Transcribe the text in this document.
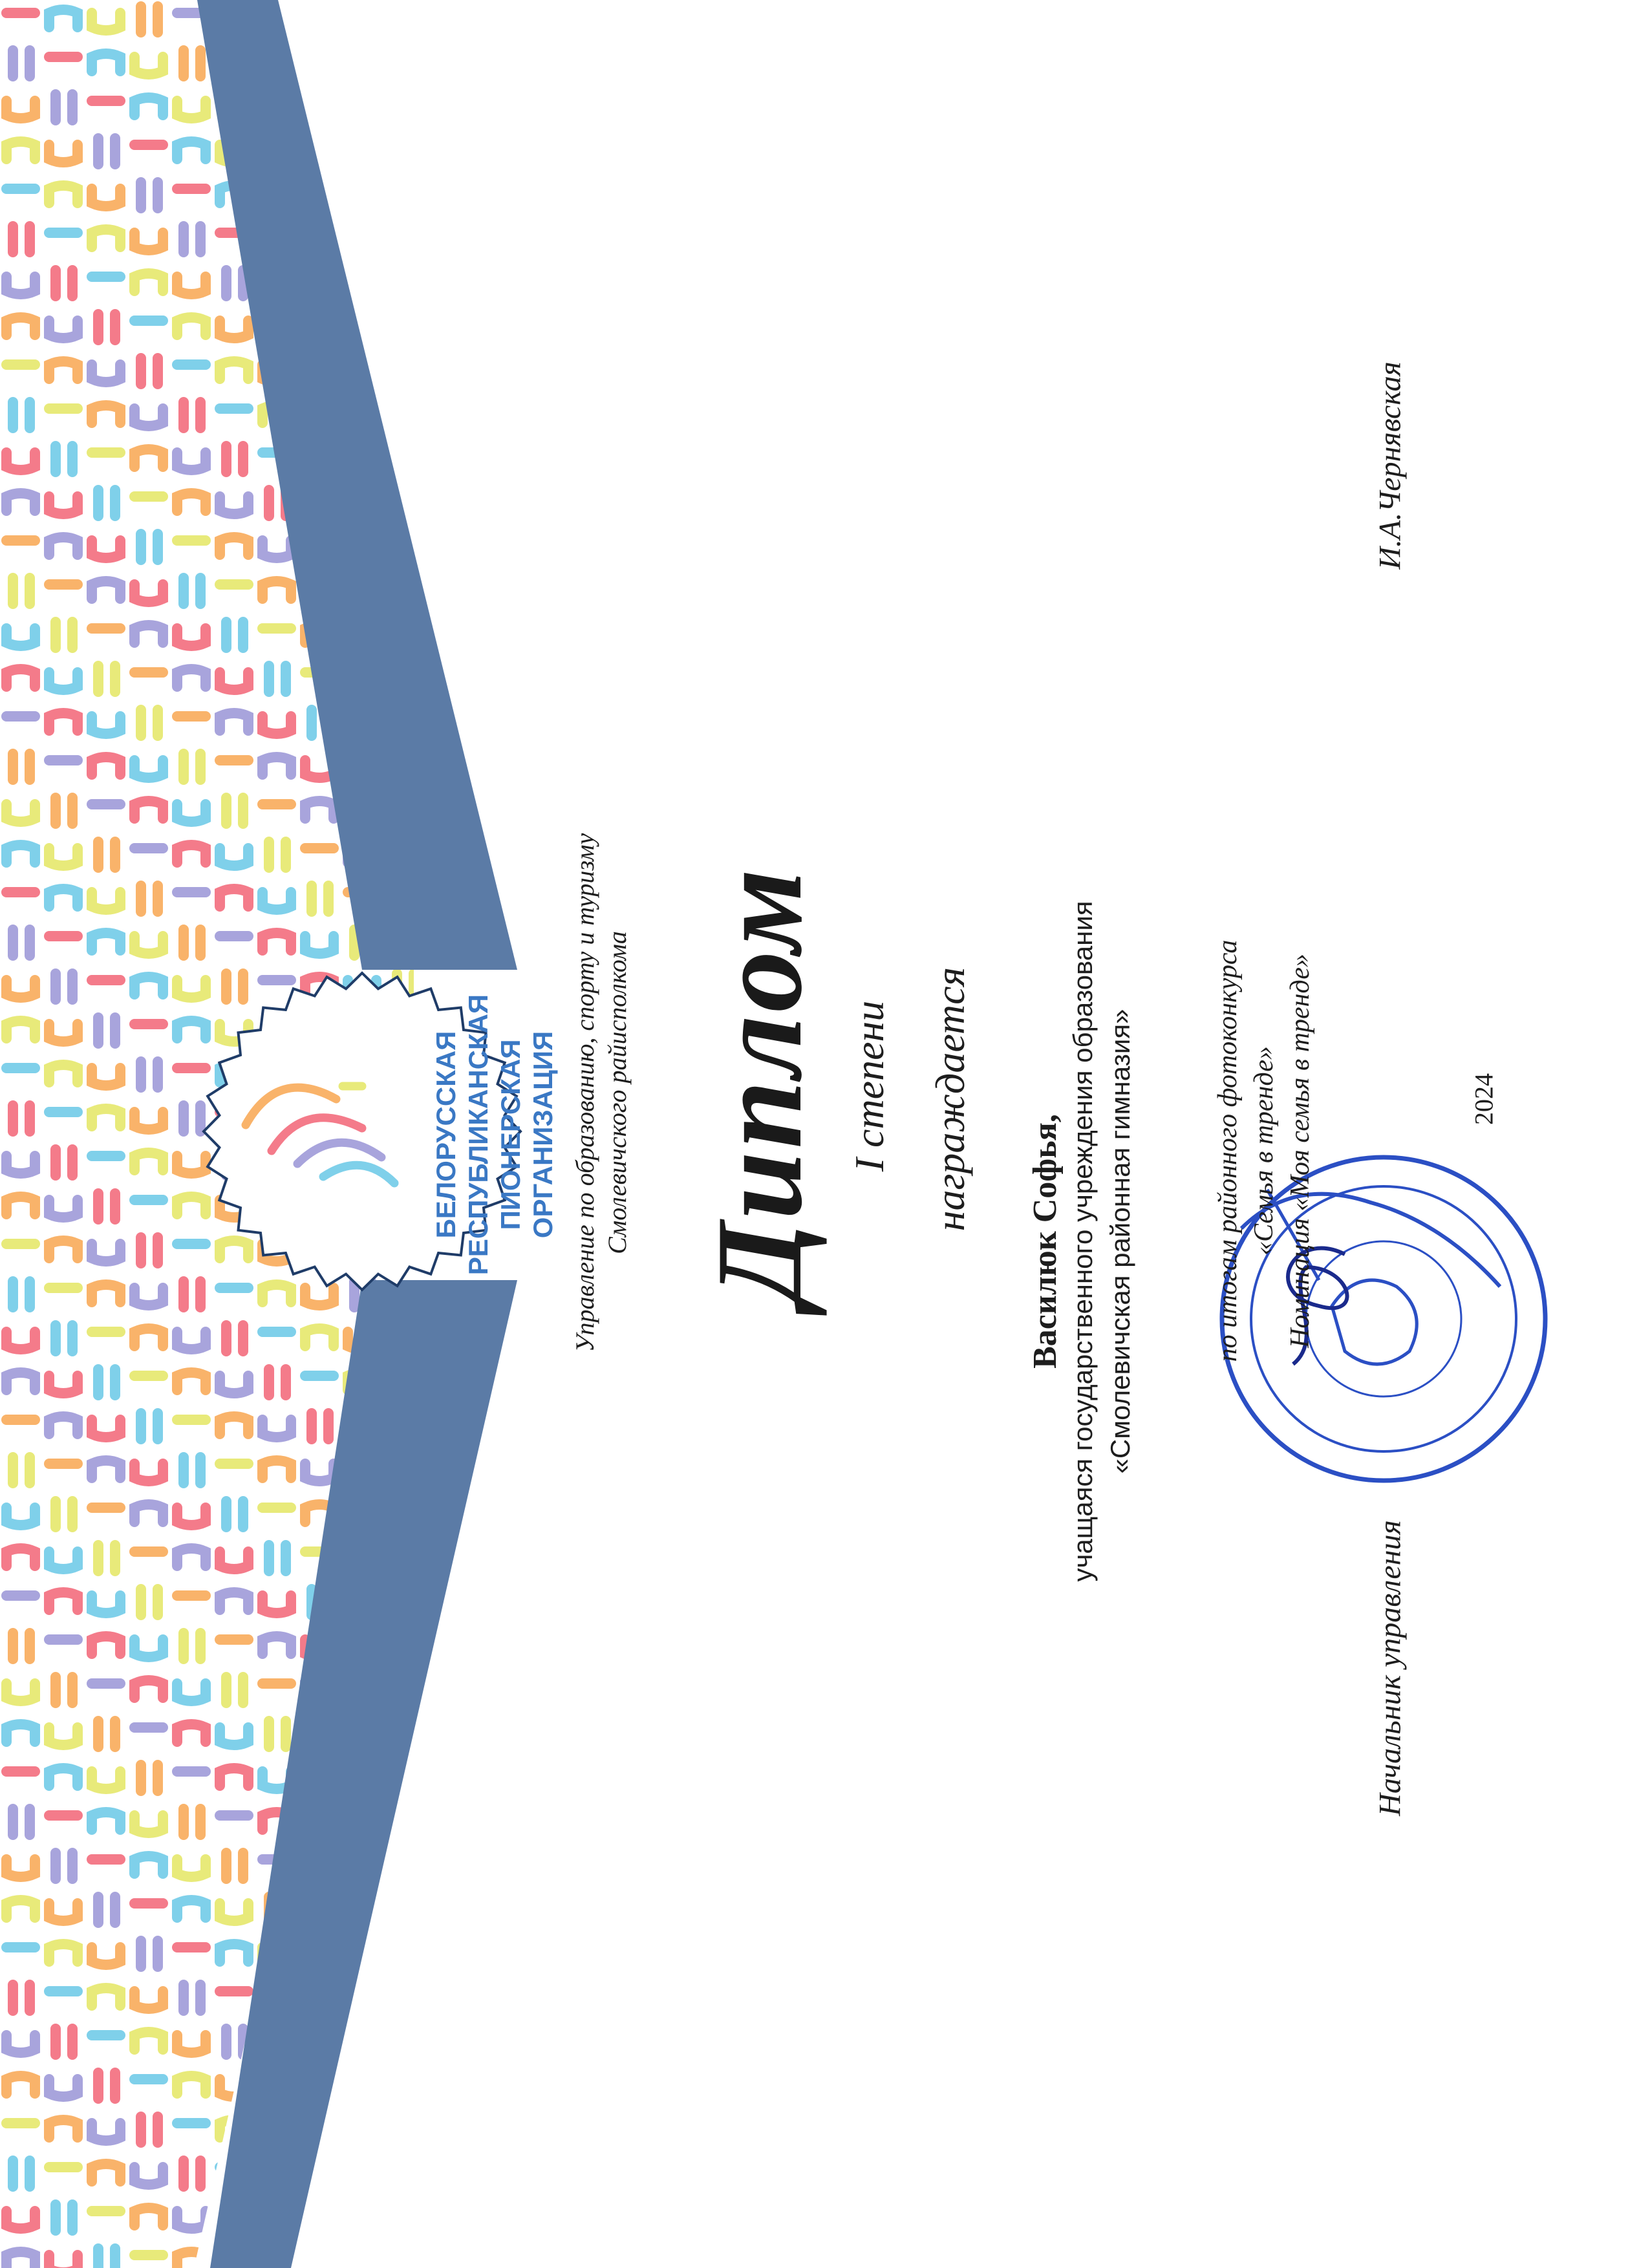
БЕЛОРУССКАЯ РЕСПУБЛИКАНСКАЯ ПИОНЕРСКАЯ ОРГАНИЗАЦИЯ Управление по образованию, спорту и туризму Смолевичского райисполкома Диплом I степени награждается
Василюк Софья, учащаяся государственного учреждения образования «Смолевичская районная гимназия»	по итогам районного фотоконкурса «Семья в тренде» Номинация «Моя семья в тренде»	2024
Начальник управления
И.А.Чернявская
